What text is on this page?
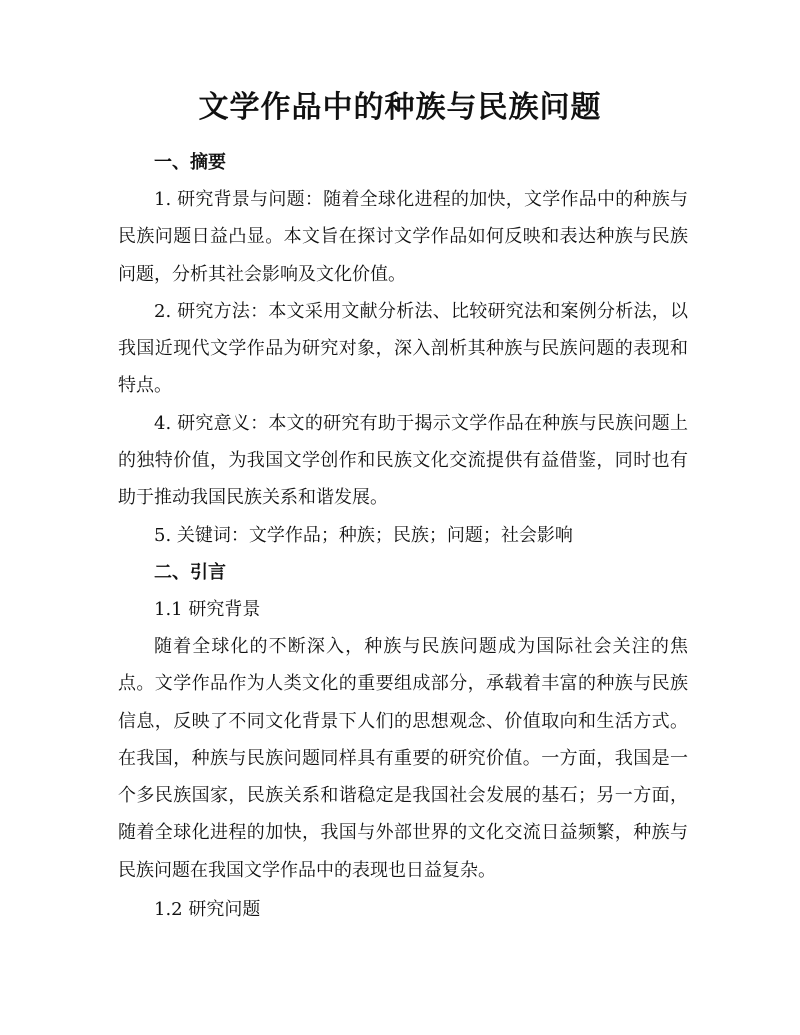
文学作品中的种族与民族问题

一、摘要

1. 研究背景与问题：随着全球化进程的加快，文学作品中的种族与民族问题日益凸显。本文旨在探讨文学作品如何反映和表达种族与民族问题，分析其社会影响及文化价值。

2. 研究方法：本文采用文献分析法、比较研究法和案例分析法，以我国近现代文学作品为研究对象，深入剖析其种族与民族问题的表现和特点。

4. 研究意义：本文的研究有助于揭示文学作品在种族与民族问题上的独特价值，为我国文学创作和民族文化交流提供有益借鉴，同时也有助于推动我国民族关系和谐发展。

5. 关键词：文学作品；种族；民族；问题；社会影响

二、引言

1.1 研究背景

随着全球化的不断深入，种族与民族问题成为国际社会关注的焦点。文学作品作为人类文化的重要组成部分，承载着丰富的种族与民族信息，反映了不同文化背景下人们的思想观念、价值取向和生活方式。在我国，种族与民族问题同样具有重要的研究价值。一方面，我国是一个多民族国家，民族关系和谐稳定是我国社会发展的基石；另一方面，随着全球化进程的加快，我国与外部世界的文化交流日益频繁，种族与民族问题在我国文学作品中的表现也日益复杂。

1.2 研究问题
